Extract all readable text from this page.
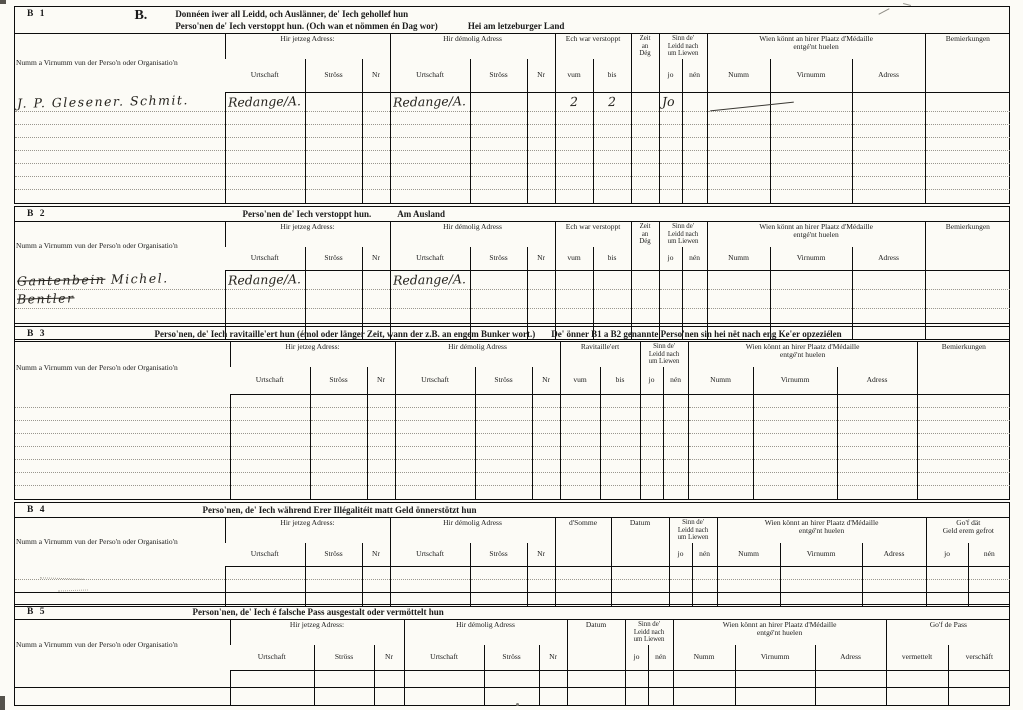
B 1	B.	Donnéen iwer all Leidd, och Auslänner, de' Iech gehollef hun
Perso'nen de' Iech verstoppt hun. (Och wan et nömmen én Dag wor)	Hei am letzeburger Land
Numm a Virnumm vun der Perso'n oder Organisatio'n	Hir jetzeg Adress:			Hir démolig Adress			Ech war verstoppt		Zeit
an
Dég	Sinn de'
Leidd nach
um Liewen		Wien könnt an hirer Plaatz d'Médaille
entgé'nt huelen			Bemierkungen
	Urtschaft	Ströss	Nr	Urtschaft	Ströss	Nr	vum	bis		jo	nén	Numm	Virnumm	Adress	
J. P. Glesener. Schmit.	Redange/A.			Redange/A.			2	2		Jo		

B 2	Perso'nen de' Iech verstoppt hun.	Am Ausland
Numm a Virnumm vun der Perso'n oder Organisatio'n	Hir jetzeg Adress:			Hir démolig Adress			Ech war verstoppt		Zeit
an
Dég	Sinn de'
Leidd nach
um Liewen		Wien könnt an hirer Plaatz d'Médaille
entgé'nt huelen			Bemierkungen
	Urtschaft	Ströss	Nr	Urtschaft	Ströss	Nr	vum	bis		jo	nén	Numm	Virnumm	Adress	
Gantenbein Michel.	Redange/A.			Redange/A.											
Bentler															

B 3	Perso'nen, de' Iech ravitaille'ert hun (émol oder länger Zeit, wann der z.B. an engem Bunker wort.) De' önner B1 a B2 genannte Perso'nen sin hei nët nach eng Ke'er opzeziélen
Numm a Virnumm vun der Perso'n oder Organisatio'n	Hir jetzeg Adress:			Hir démolig Adress			Ravitaille'ert		Sinn de'
Leidd nach
um Liewen		Wien könnt an hirer Plaatz d'Médaille
entgé'nt huelen			Bemierkungen
	Urtschaft	Ströss	Nr	Urtschaft	Ströss	Nr	vum	bis	jo	nén	Numm	Virnumm	Adress	

B 4	Perso'nen, de' Iech während Erer Illégalitéit matt Geld önnerstötzt hun
Numm a Virnumm vun der Perso'n oder Organisatio'n	Hir jetzeg Adress:			Hir démolig Adress			d'Somme	Datum	Sinn de'
Leidd nach
um Liewen		Wien könnt an hirer Plaatz d'Médaille
entgé'nt huelen			Go'f dät
Geld erem gefrot	

	Urtschaft	Ströss	Nr	Urtschaft	Ströss	Nr			jo	nén	Numm	Virnumm	Adress	jo	nén

B 5	Person'nen, de' Iech é falsche Pass ausgestalt oder vermöttelt hun
Numm a Virnumm vun der Perso'n oder Organisatio'n	Hir jetzeg Adress:			Hir démolig Adress			Datum	Sinn de'
Leidd nach
um Liewen		Wien könnt an hirer Plaatz d'Médaille
entgé'nt huelen			Go'f de Pass	
	Urtschaft	Ströss	Nr	Urtschaft	Ströss	Nr		jo	nén	Numm	Virnumm	Adress	vermettelt	verschäft
